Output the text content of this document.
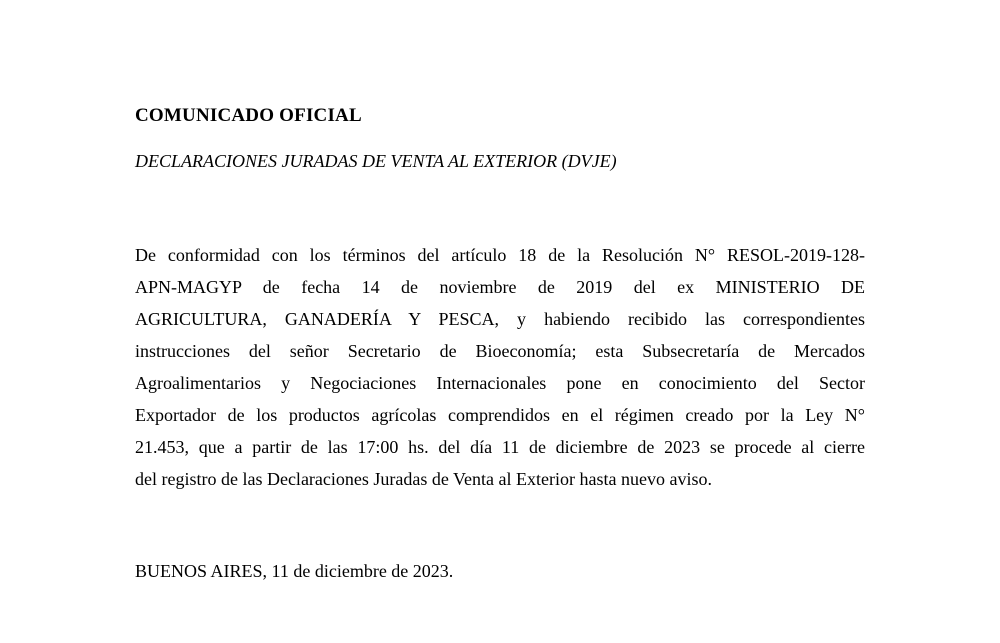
COMUNICADO OFICIAL

DECLARACIONES JURADAS DE VENTA AL EXTERIOR (DVJE)

De conformidad con los términos del artículo 18 de la Resolución N° RESOL-2019-128-
APN-MAGYP de fecha 14 de noviembre de 2019 del ex MINISTERIO DE
AGRICULTURA, GANADERÍA Y PESCA, y habiendo recibido las correspondientes
instrucciones del señor Secretario de Bioeconomía; esta Subsecretaría de Mercados
Agroalimentarios y Negociaciones Internacionales pone en conocimiento del Sector
Exportador de los productos agrícolas comprendidos en el régimen creado por la Ley N°
21.453, que a partir de las 17:00 hs. del día 11 de diciembre de 2023 se procede al cierre
del registro de las Declaraciones Juradas de Venta al Exterior hasta nuevo aviso.

BUENOS AIRES, 11 de diciembre de 2023.
